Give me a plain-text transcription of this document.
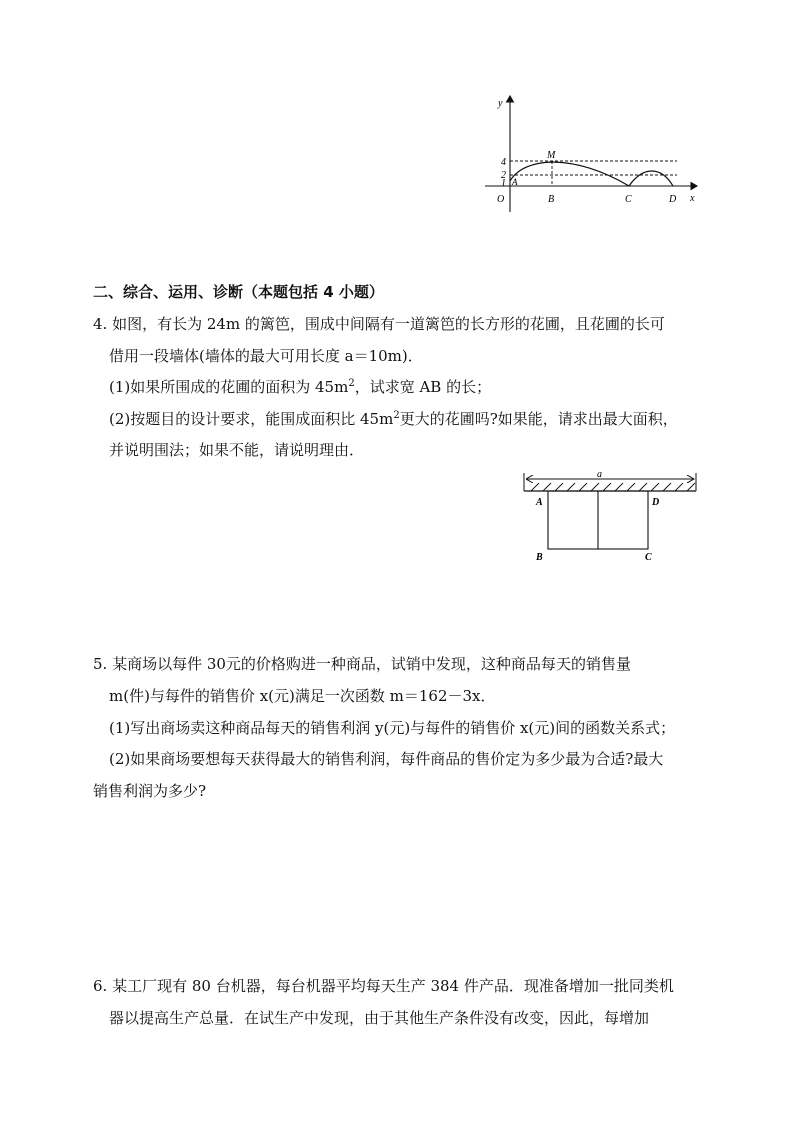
y
x
O
4
2
1
M
A
B	C	D
二、综合、运用、诊断（本题包括 4 小题）
4. 如图，有长为 24m 的篱笆，围成中间隔有一道篱笆的长方形的花圃，且花圃的长可
借用一段墙体(墙体的最大可用长度 a＝10m)．
(1)如果所围成的花圃的面积为 $45m^2$，试求宽 AB 的长；
(2)按题目的设计要求，能围成面积比 $45m^2$更大的花圃吗?如果能，请求出最大面积，
并说明围法；如果不能，请说明理由．
a
A	D
B	C
5. 某商场以每件 30元的价格购进一种商品，试销中发现，这种商品每天的销售量
m(件)与每件的销售价 x(元)满足一次函数 m＝162－3x．
(1)写出商场卖这种商品每天的销售利润 y(元)与每件的销售价 x(元)间的函数关系式；
(2)如果商场要想每天获得最大的销售利润，每件商品的售价定为多少最为合适?最大
销售利润为多少?
6. 某工厂现有 80 台机器，每台机器平均每天生产 384 件产品．现准备增加一批同类机
器以提高生产总量．在试生产中发现，由于其他生产条件没有改变，因此，每增加
